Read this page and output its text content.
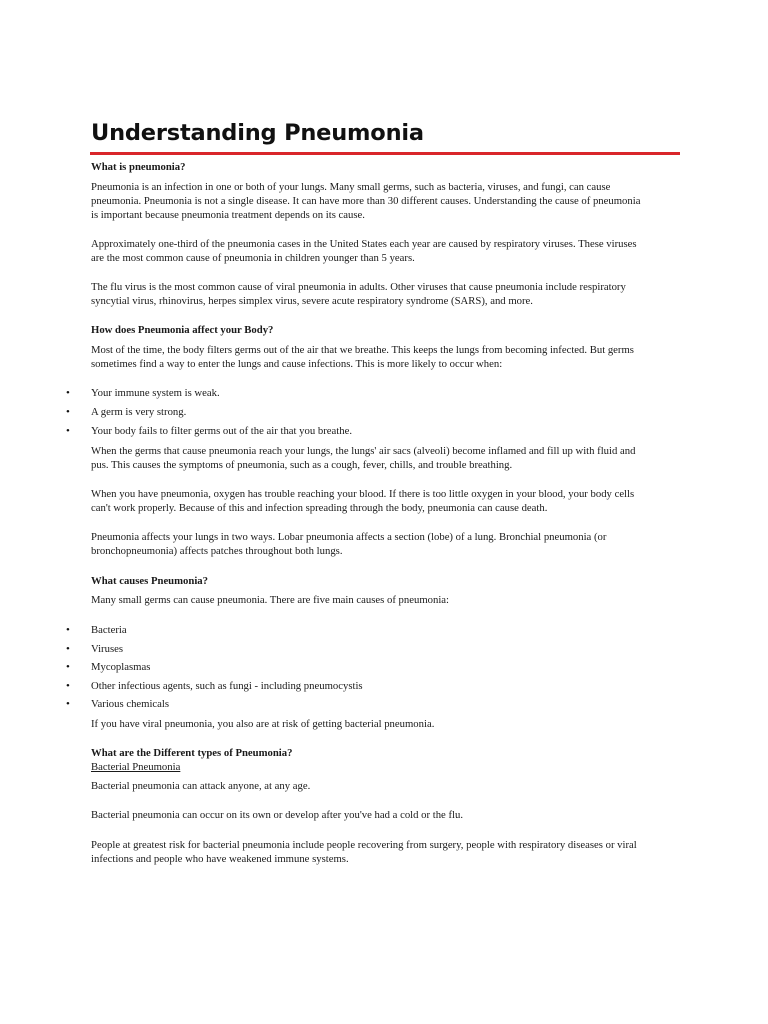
Understanding Pneumonia

What is pneumonia?

Pneumonia is an infection in one or both of your lungs. Many small germs, such as bacteria, viruses, and fungi, can cause

pneumonia. Pneumonia is not a single disease. It can have more than 30 different causes. Understanding the cause of pneumonia

is important because pneumonia treatment depends on its cause.

Approximately one-third of the pneumonia cases in the United States each year are caused by respiratory viruses. These viruses

are the most common cause of pneumonia in children younger than 5 years.

The flu virus is the most common cause of viral pneumonia in adults. Other viruses that cause pneumonia include respiratory

syncytial virus, rhinovirus, herpes simplex virus, severe acute respiratory syndrome (SARS), and more.

How does Pneumonia affect your Body?

Most of the time, the body filters germs out of the air that we breathe. This keeps the lungs from becoming infected. But germs

sometimes find a way to enter the lungs and cause infections. This is more likely to occur when:

•	Your immune system is weak.

•	A germ is very strong.

•	Your body fails to filter germs out of the air that you breathe.

When the germs that cause pneumonia reach your lungs, the lungs' air sacs (alveoli) become inflamed and fill up with fluid and

pus. This causes the symptoms of pneumonia, such as a cough, fever, chills, and trouble breathing.

When you have pneumonia, oxygen has trouble reaching your blood. If there is too little oxygen in your blood, your body cells

can't work properly. Because of this and infection spreading through the body, pneumonia can cause death.

Pneumonia affects your lungs in two ways. Lobar pneumonia affects a section (lobe) of a lung. Bronchial pneumonia (or

bronchopneumonia) affects patches throughout both lungs.

What causes Pneumonia?

Many small germs can cause pneumonia. There are five main causes of pneumonia:

•	Bacteria

•	Viruses

•	Mycoplasmas

•	Other infectious agents, such as fungi - including pneumocystis

•	Various chemicals

If you have viral pneumonia, you also are at risk of getting bacterial pneumonia.

What are the Different types of Pneumonia?

Bacterial Pneumonia

Bacterial pneumonia can attack anyone, at any age.

Bacterial pneumonia can occur on its own or develop after you've had a cold or the flu.

People at greatest risk for bacterial pneumonia include people recovering from surgery, people with respiratory diseases or viral

infections and people who have weakened immune systems.
